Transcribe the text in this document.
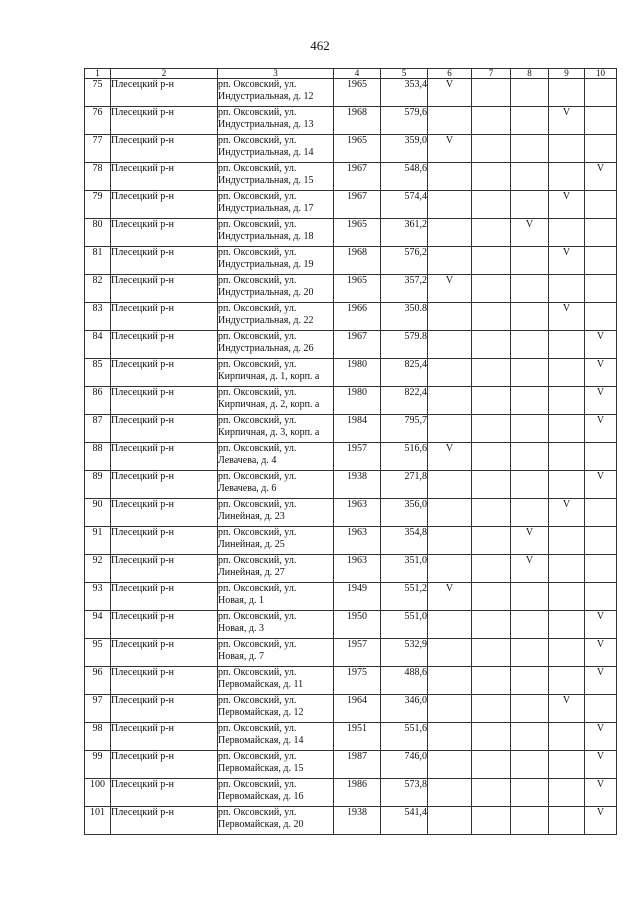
462
1	2	3	4	5	6	7	8	9	10
75	Плесецкий р-н	рп. Оксовский, ул.
Индустриальная, д. 12	1965	353,4	V				
76	Плесецкий р-н	рп. Оксовский, ул.
Индустриальная, д. 13	1968	579,6				V	
77	Плесецкий р-н	рп. Оксовский, ул.
Индустриальная, д. 14	1965	359,0	V				
78	Плесецкий р-н	рп. Оксовский, ул.
Индустриальная, д. 15	1967	548,6					V
79	Плесецкий р-н	рп. Оксовский, ул.
Индустриальная, д. 17	1967	574,4				V	
80	Плесецкий р-н	рп. Оксовский, ул.
Индустриальная, д. 18	1965	361,2			V		
81	Плесецкий р-н	рп. Оксовский, ул.
Индустриальная, д. 19	1968	576,2				V	
82	Плесецкий р-н	рп. Оксовский, ул.
Индустриальная, д. 20	1965	357,2	V				
83	Плесецкий р-н	рп. Оксовский, ул.
Индустриальная, д. 22	1966	350.8				V	
84	Плесецкий р-н	рп. Оксовский, ул.
Индустриальная, д. 26	1967	579.8					V
85	Плесецкий р-н	рп. Оксовский, ул.
Кирпичная, д. 1, корп. а	1980	825,4					V
86	Плесецкий р-н	рп. Оксовский, ул.
Кирпичная, д. 2, корп. а	1980	822,4					V
87	Плесецкий р-н	рп. Оксовский, ул.
Кирпичная, д. 3, корп. а	1984	795,7					V
88	Плесецкий р-н	рп. Оксовский, ул.
Левачева, д. 4	1957	516,6	V				
89	Плесецкий р-н	рп. Оксовский, ул.
Левачева, д. 6	1938	271,8					V
90	Плесецкий р-н	рп. Оксовский, ул.
Линейная, д. 23	1963	356,0				V	
91	Плесецкий р-н	рп. Оксовский, ул.
Линейная, д. 25	1963	354,8			V		
92	Плесецкий р-н	рп. Оксовский, ул.
Линейная, д. 27	1963	351,0			V		
93	Плесецкий р-н	рп. Оксовский, ул.
Новая, д. 1	1949	551,2	V				
94	Плесецкий р-н	рп. Оксовский, ул.
Новая, д. 3	1950	551,0					V
95	Плесецкий р-н	рп. Оксовский, ул.
Новая, д. 7	1957	532,9					V
96	Плесецкий р-н	рп. Оксовский, ул.
Первомайская, д. 11	1975	488,6					V
97	Плесецкий р-н	рп. Оксовский, ул.
Первомайская, д. 12	1964	346,0				V	
98	Плесецкий р-н	рп. Оксовский, ул.
Первомайская, д. 14	1951	551,6					V
99	Плесецкий р-н	рп. Оксовский, ул.
Первомайская, д. 15	1987	746,0					V
100	Плесецкий р-н	рп. Оксовский, ул.
Первомайская, д. 16	1986	573,8					V
101	Плесецкий р-н	рп. Оксовский, ул.
Первомайская, д. 20	1938	541,4					V
